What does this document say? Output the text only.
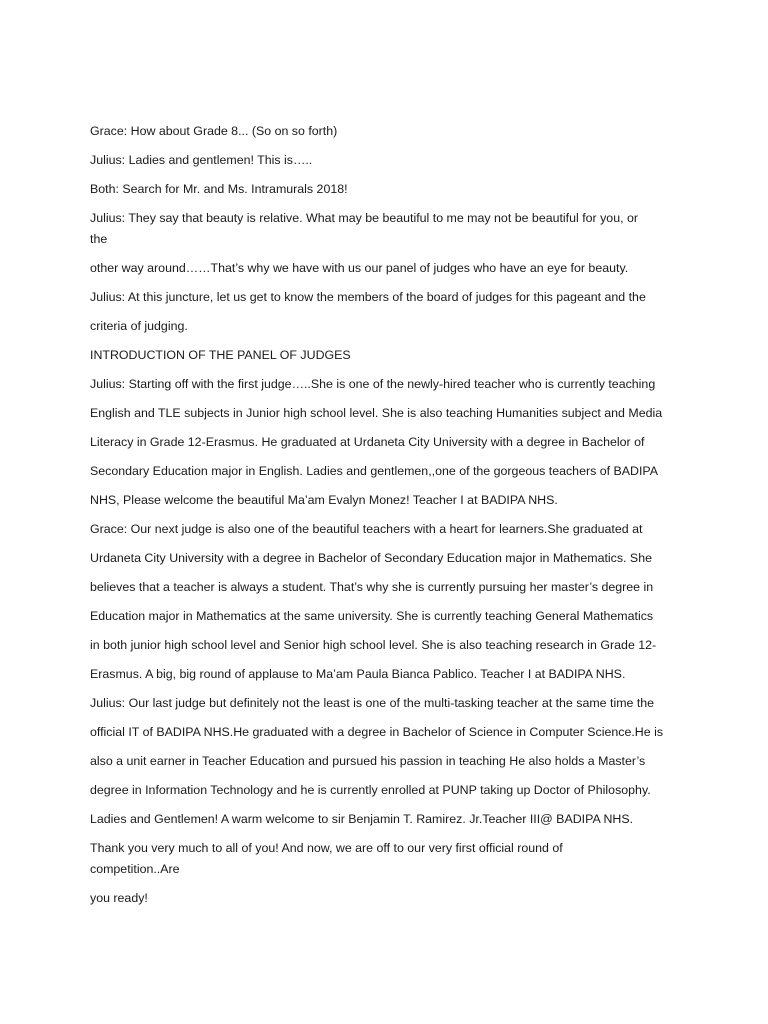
Grace: How about Grade 8... (So on so forth)
Julius: Ladies and gentlemen! This is…..
Both: Search for Mr. and Ms. Intramurals 2018!
Julius: They say that beauty is relative. What may be beautiful to me may not be beautiful for you, or
the
other way around……That’s why we have with us our panel of judges who have an eye for beauty.
Julius: At this juncture, let us get to know the members of the board of judges for this pageant and the
criteria of judging.
INTRODUCTION OF THE PANEL OF JUDGES
Julius: Starting off with the first judge…..She is one of the newly-hired teacher who is currently teaching
English and TLE subjects in Junior high school level. She is also teaching Humanities subject and Media
Literacy in Grade 12-Erasmus. He graduated at Urdaneta City University with a degree in Bachelor of
Secondary Education major in English. Ladies and gentlemen,,one of the gorgeous teachers of BADIPA
NHS, Please welcome the beautiful Ma’am Evalyn Monez! Teacher I at BADIPA NHS.
Grace: Our next judge is also one of the beautiful teachers with a heart for learners.She graduated at
Urdaneta City University with a degree in Bachelor of Secondary Education major in Mathematics. She
believes that a teacher is always a student. That’s why she is currently pursuing her master’s degree in
Education major in Mathematics at the same university. She is currently teaching General Mathematics
in both junior high school level and Senior high school level. She is also teaching research in Grade 12-
Erasmus. A big, big round of applause to Ma’am Paula Bianca Pablico. Teacher I at BADIPA NHS.
Julius: Our last judge but definitely not the least is one of the multi-tasking teacher at the same time the
official IT of BADIPA NHS.He graduated with a degree in Bachelor of Science in Computer Science.He is
also a unit earner in Teacher Education and pursued his passion in teaching He also holds a Master’s
degree in Information Technology and he is currently enrolled at PUNP taking up Doctor of Philosophy.
Ladies and Gentlemen! A warm welcome to sir Benjamin T. Ramirez. Jr.Teacher III@ BADIPA NHS.
Thank you very much to all of you! And now, we are off to our very first official round of
competition..Are
you ready!
